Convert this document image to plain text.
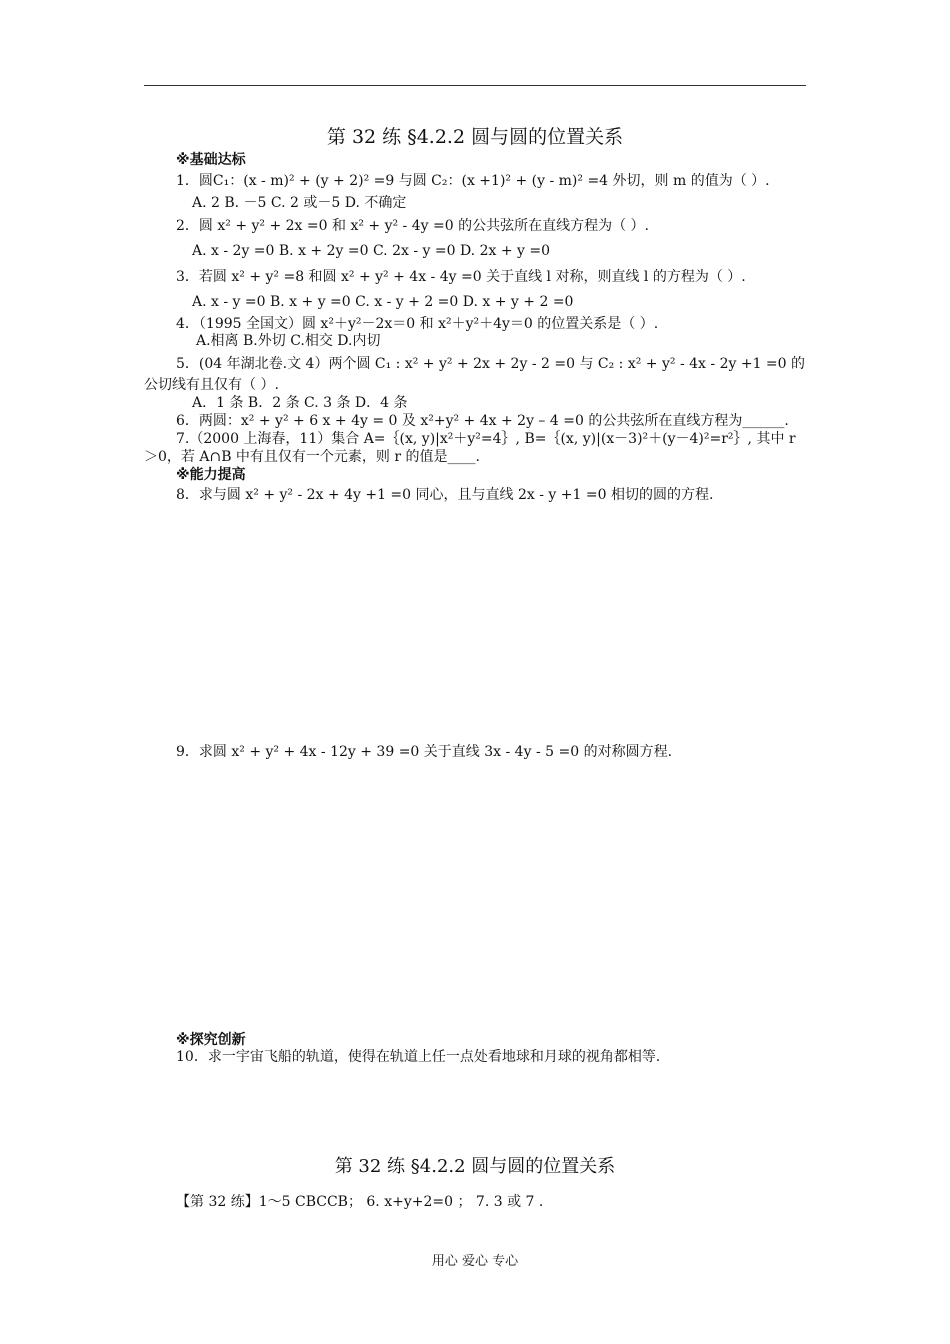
第 32 练 §4.2.2 圆与圆的位置关系
※基础达标
1．圆C₁：(x - m)² + (y + 2)² =9 与圆 C₂：(x +1)² + (y - m)² =4 外切，则 m 的值为（ ）.
A. 2 B. －5 C. 2 或－5 D. 不确定
2．圆 x² + y² + 2x =0 和 x² + y² - 4y =0 的公共弦所在直线方程为（ ）.
A. x - 2y =0 B. x + 2y =0 C. 2x - y =0 D. 2x + y =0
3．若圆 x² + y² =8 和圆 x² + y² + 4x - 4y =0 关于直线 l 对称，则直线 l 的方程为（ ）.
A. x - y =0 B. x + y =0 C. x - y + 2 =0 D. x + y + 2 =0
4．（1995 全国文）圆 x²＋y²－2x＝0 和 x²＋y²＋4y＝0 的位置关系是（ ）.
A.相离 B.外切 C.相交 D.内切
5．(04 年湖北卷.文 4）两个圆 C₁ : x² + y² + 2x + 2y - 2 =0 与 C₂ : x² + y² - 4x - 2y +1 =0 的
公切线有且仅有（ ）.
A．1 条 B．2 条 C. 3 条 D．4 条
6．两圆：x² + y² + 6 x + 4y = 0 及 x²+y² + 4x + 2y – 4 =0 的公共弦所在直线方程为______.
7.（2000 上海春，11）集合 A=｛(x, y)|x²＋y²=4｝, B=｛(x, y)|(x－3)²＋(y－4)²=r²｝, 其中 r
＞0，若 A∩B 中有且仅有一个元素，则 r 的值是____.
※能力提高
8．求与圆 x² + y² - 2x + 4y +1 =0 同心，且与直线 2x - y +1 =0 相切的圆的方程.
9．求圆 x² + y² + 4x - 12y + 39 =0 关于直线 3x - 4y - 5 =0 的对称圆方程.
※探究创新
10．求一宇宙飞船的轨道，使得在轨道上任一点处看地球和月球的视角都相等.
第 32 练 §4.2.2 圆与圆的位置关系
【第 32 练】1～5 CBCCB； 6. x+y+2=0 ； 7. 3 或 7 .
用心 爱心 专心
